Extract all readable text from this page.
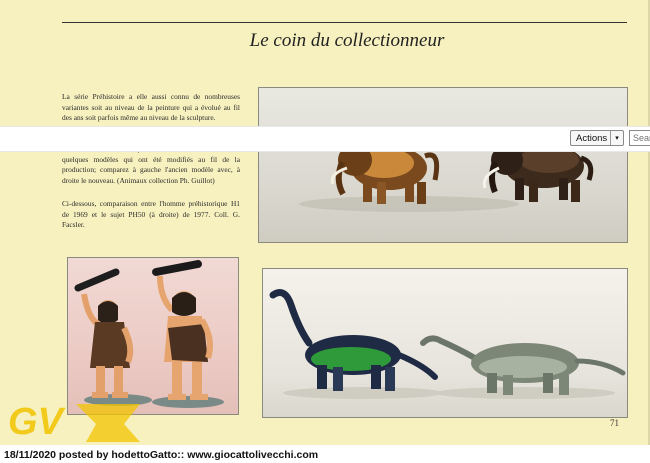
Le coin du collectionneur

La série Préhistoire a elle aussi connu de nombreuses variantes soit au niveau de la peinture qui a évolué au fil des ans soit parfois même au niveau de la sculpture.

quelques modèles qui ont été modifiés au fil de la production; comparez à gauche l'ancien modèle avec, à droite le nouveau. (Animaux collection Ph. Guillot)

Ci-dessous, comparaison entre l'homme préhistorique H1 de 1969 et le sujet PH50 (à droite) de 1977. Coll. G. Facsler.

71
Actions	▾
Search
GV
18/11/2020 posted by hodettoGatto:: www.giocattolivecchi.com
